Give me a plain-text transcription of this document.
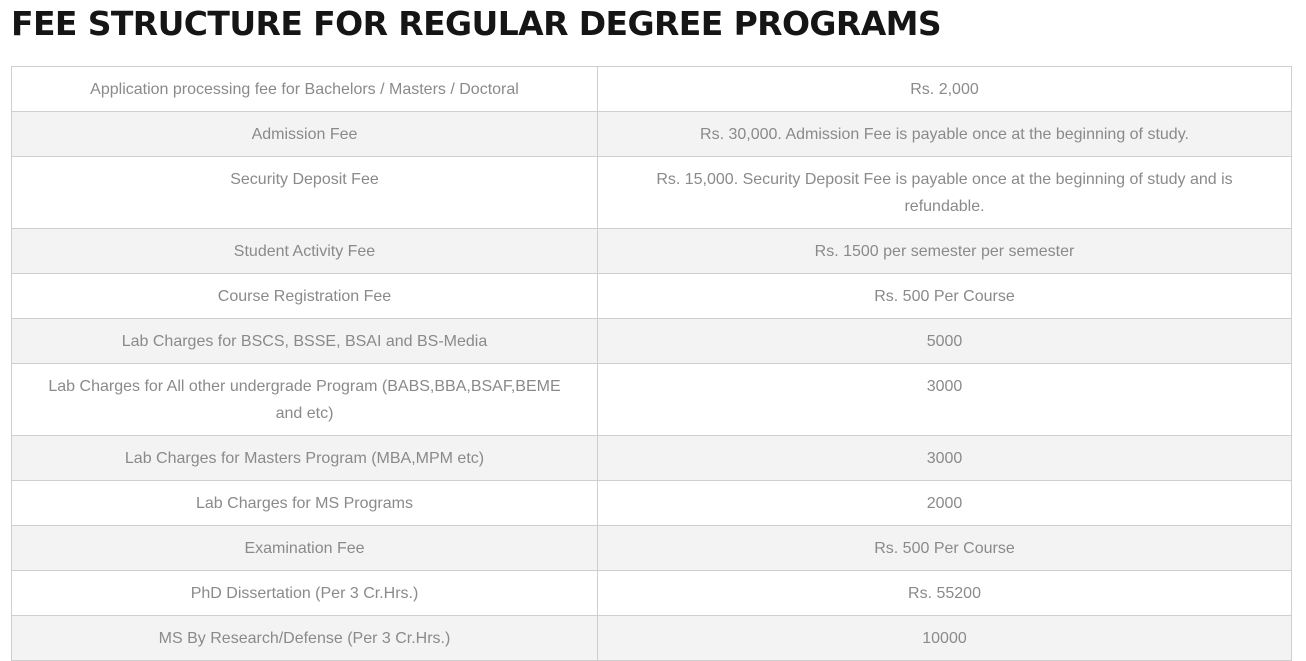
FEE STRUCTURE FOR REGULAR DEGREE PROGRAMS
Application processing fee for Bachelors / Masters / Doctoral	Rs. 2,000
Admission Fee	Rs. 30,000. Admission Fee is payable once at the beginning of study.
Security Deposit Fee	Rs. 15,000. Security Deposit Fee is payable once at the beginning of study and is refundable.
Student Activity Fee	Rs. 1500 per semester per semester
Course Registration Fee	Rs. 500 Per Course
Lab Charges for BSCS, BSSE, BSAI and BS-Media	5000
Lab Charges for All other undergrade Program (BABS,BBA,BSAF,BEME and etc)	3000
Lab Charges for Masters Program (MBA,MPM etc)	3000
Lab Charges for MS Programs	2000
Examination Fee	Rs. 500 Per Course
PhD Dissertation (Per 3 Cr.Hrs.)	Rs. 55200
MS By Research/Defense (Per 3 Cr.Hrs.)	10000
